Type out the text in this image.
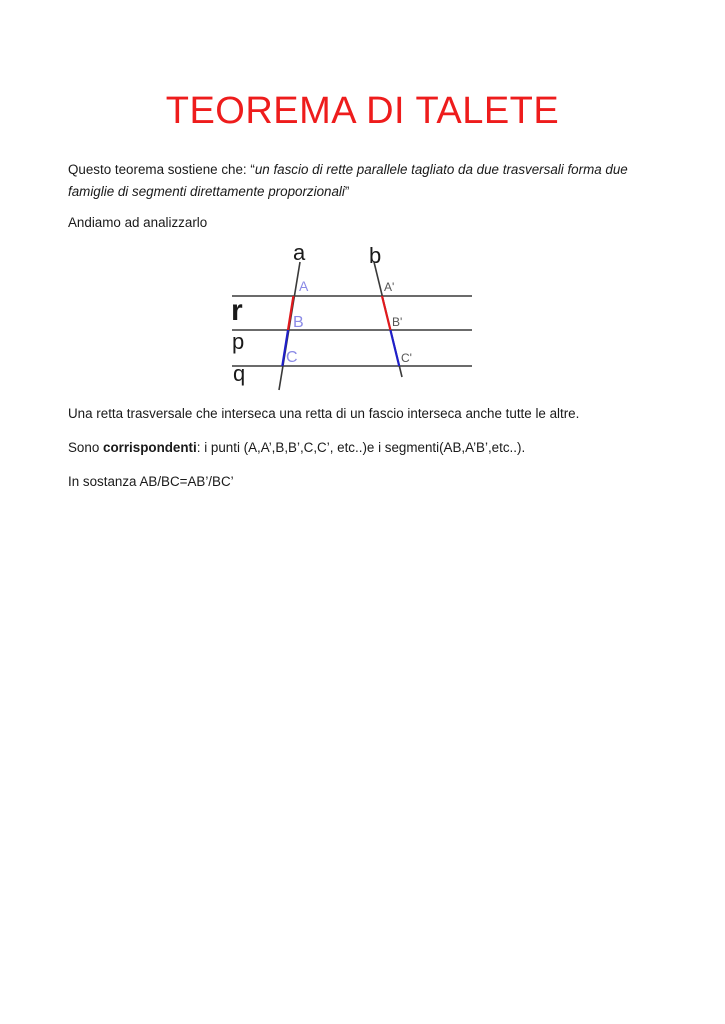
TEOREMA DI TALETE

Questo teorema sostiene che: “un fascio di rette parallele tagliato da due trasversali forma due famiglie di segmenti direttamente proporzionali”

Andiamo ad analizzarlo

a	b
r
p
q
A
B
C
A'
B'
C'

Una retta trasversale che interseca una retta di un fascio interseca anche tutte le altre.

Sono corrispondenti: i punti (A,A’,B,B’,C,C’, etc..)e i segmenti(AB,A’B’,etc..).

In sostanza AB/BC=AB’/BC’
